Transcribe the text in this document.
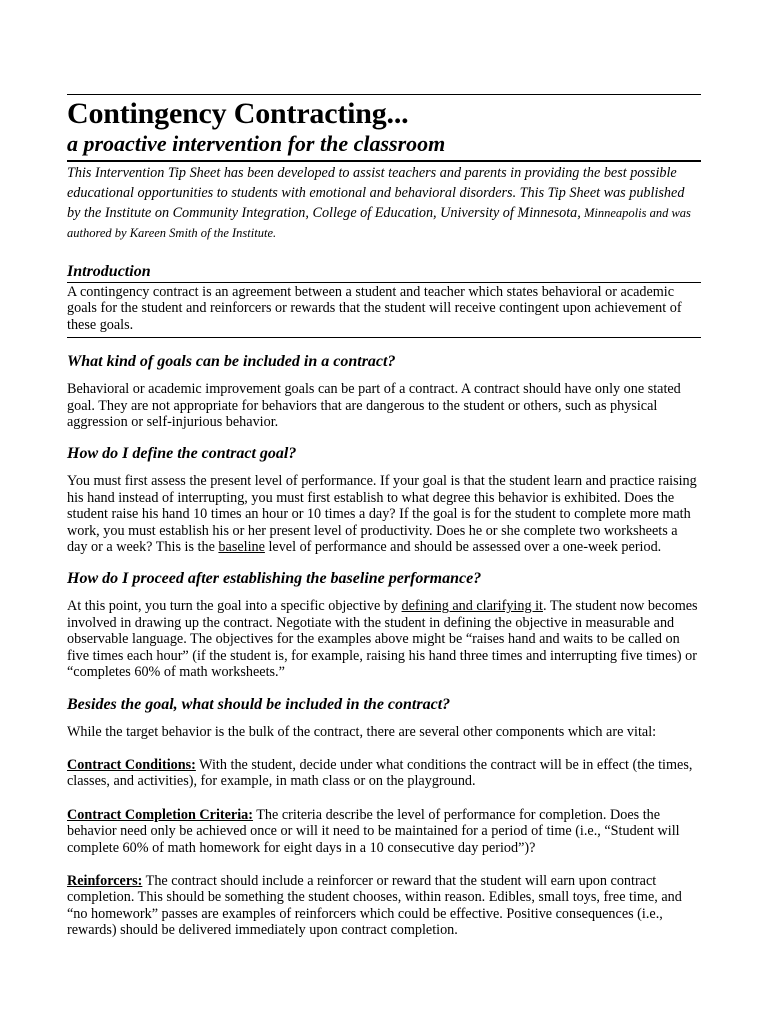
Contingency Contracting...
a proactive intervention for the classroom

This Intervention Tip Sheet has been developed to assist teachers and parents in providing the best possible educational opportunities to students with emotional and behavioral disorders. This Tip Sheet was published by the Institute on Community Integration, College of Education, University of Minnesota, Minneapolis and was authored by Kareen Smith of the Institute.

Introduction

A contingency contract is an agreement between a student and teacher which states behavioral or academic goals for the student and reinforcers or rewards that the student will receive contingent upon achievement of these goals.

What kind of goals can be included in a contract?

Behavioral or academic improvement goals can be part of a contract. A contract should have only one stated goal. They are not appropriate for behaviors that are dangerous to the student or others, such as physical aggression or self-injurious behavior.

How do I define the contract goal?

You must first assess the present level of performance. If your goal is that the student learn and practice raising his hand instead of interrupting, you must first establish to what degree this behavior is exhibited. Does the student raise his hand 10 times an hour or 10 times a day? If the goal is for the student to complete more math work, you must establish his or her present level of productivity. Does he or she complete two worksheets a day or a week? This is the baseline level of performance and should be assessed over a one-week period.

How do I proceed after establishing the baseline performance?

At this point, you turn the goal into a specific objective by defining and clarifying it. The student now becomes involved in drawing up the contract. Negotiate with the student in defining the objective in measurable and observable language. The objectives for the examples above might be “raises hand and waits to be called on five times each hour” (if the student is, for example, raising his hand three times and interrupting five times) or “completes 60% of math worksheets.”

Besides the goal, what should be included in the contract?

While the target behavior is the bulk of the contract, there are several other components which are vital:

Contract Conditions: With the student, decide under what conditions the contract will be in effect (the times, classes, and activities), for example, in math class or on the playground.

Contract Completion Criteria: The criteria describe the level of performance for completion. Does the behavior need only be achieved once or will it need to be maintained for a period of time (i.e., “Student will complete 60% of math homework for eight days in a 10 consecutive day period”)?

Reinforcers: The contract should include a reinforcer or reward that the student will earn upon contract completion. This should be something the student chooses, within reason. Edibles, small toys, free time, and “no homework” passes are examples of reinforcers which could be effective. Positive consequences (i.e., rewards) should be delivered immediately upon contract completion.
